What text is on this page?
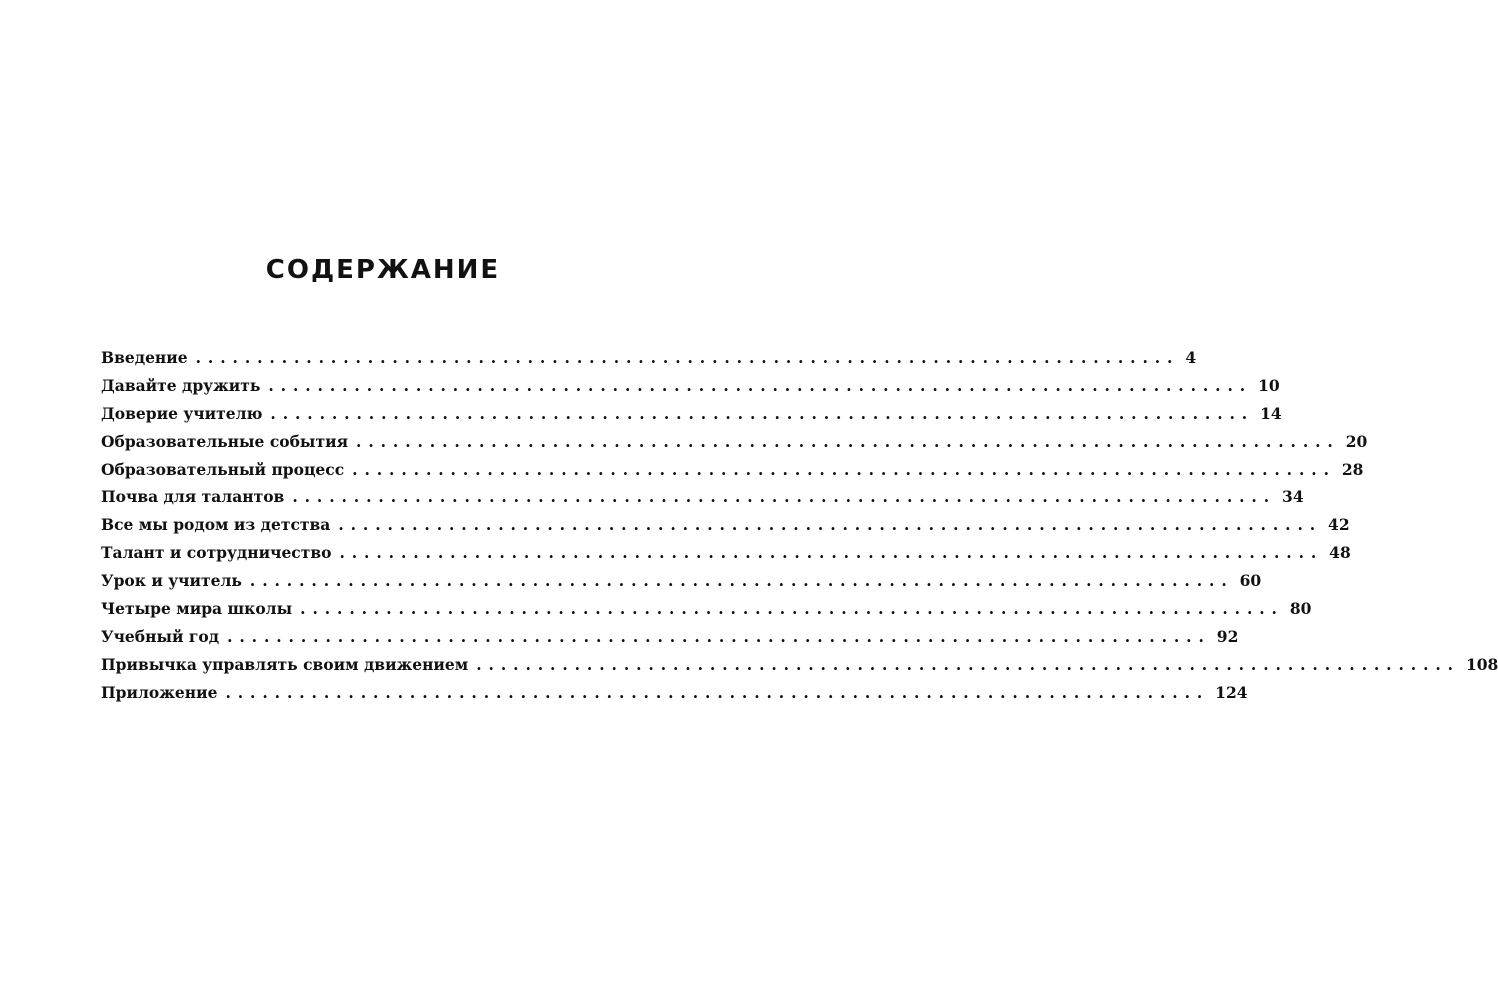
СОДЕРЖАНИЕ
Введение ................................................................................ 4
Давайте дружить ................................................................................ 10
Доверие учителю ................................................................................ 14
Образовательные события ................................................................................ 20
Образовательный процесс ................................................................................ 28
Почва для талантов ................................................................................ 34
Все мы родом из детства ................................................................................ 42
Талант и сотрудничество ................................................................................ 48
Урок и учитель ................................................................................ 60
Четыре мира школы ................................................................................ 80
Учебный год ................................................................................ 92
Привычка управлять своим движением ................................................................................ 108
Приложение ................................................................................ 124
